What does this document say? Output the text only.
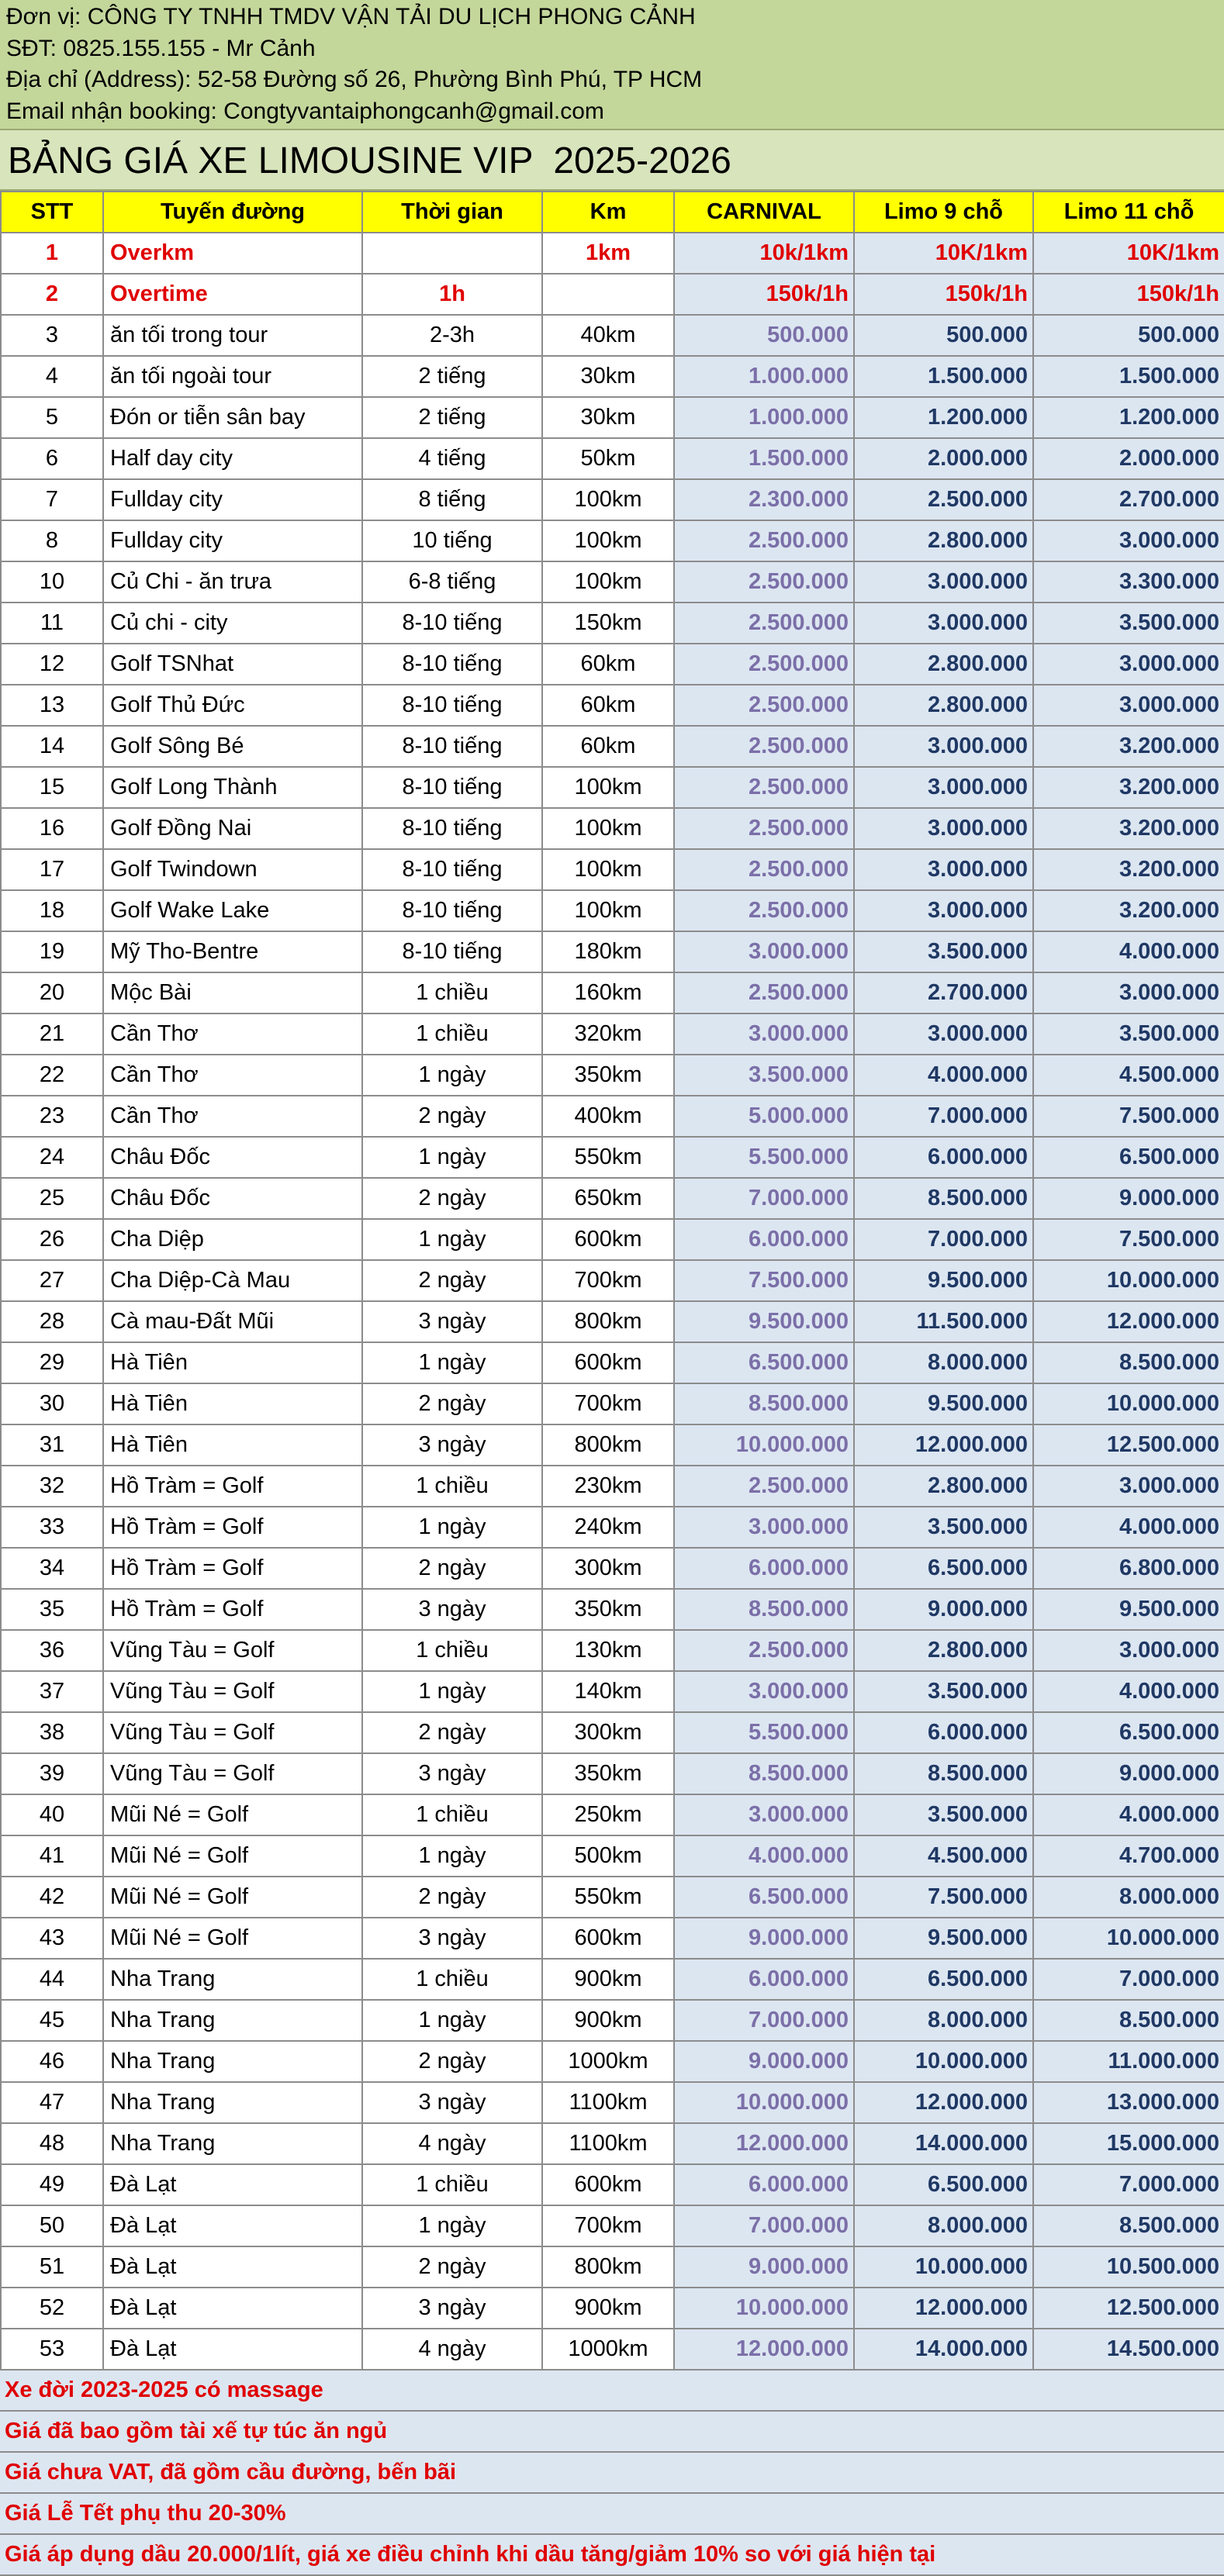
Đơn vị: CÔNG TY TNHH TMDV VẬN TẢI DU LỊCH PHONG CẢNH
SĐT: 0825.155.155 - Mr Cảnh
Địa chỉ (Address): 52-58 Đường số 26, Phường Bình Phú, TP HCM
Email nhận booking: Congtyvantaiphongcanh@gmail.com
BẢNG GIÁ XE LIMOUSINE VIP  2025-2026
STT	Tuyến đường	Thời gian	Km	CARNIVAL	Limo 9 chỗ	Limo 11 chỗ
1	Overkm		1km	10k/1km	10K/1km	10K/1km
2	Overtime	1h		150k/1h	150k/1h	150k/1h
3	ăn tối trong tour	2-3h	40km	500.000	500.000	500.000
4	ăn tối ngoài tour	2 tiếng	30km	1.000.000	1.500.000	1.500.000
5	Đón or tiễn sân bay	2 tiếng	30km	1.000.000	1.200.000	1.200.000
6	Half day city	4 tiếng	50km	1.500.000	2.000.000	2.000.000
7	Fullday city	8 tiếng	100km	2.300.000	2.500.000	2.700.000
8	Fullday city	10 tiếng	100km	2.500.000	2.800.000	3.000.000
10	Củ Chi - ăn trưa	6-8 tiếng	100km	2.500.000	3.000.000	3.300.000
11	Củ chi - city	8-10 tiếng	150km	2.500.000	3.000.000	3.500.000
12	Golf TSNhat	8-10 tiếng	60km	2.500.000	2.800.000	3.000.000
13	Golf Thủ Đức	8-10 tiếng	60km	2.500.000	2.800.000	3.000.000
14	Golf Sông Bé	8-10 tiếng	60km	2.500.000	3.000.000	3.200.000
15	Golf Long Thành	8-10 tiếng	100km	2.500.000	3.000.000	3.200.000
16	Golf Đồng Nai	8-10 tiếng	100km	2.500.000	3.000.000	3.200.000
17	Golf Twindown	8-10 tiếng	100km	2.500.000	3.000.000	3.200.000
18	Golf Wake Lake	8-10 tiếng	100km	2.500.000	3.000.000	3.200.000
19	Mỹ Tho-Bentre	8-10 tiếng	180km	3.000.000	3.500.000	4.000.000
20	Mộc Bài	1 chiều	160km	2.500.000	2.700.000	3.000.000
21	Cần Thơ	1 chiều	320km	3.000.000	3.000.000	3.500.000
22	Cần Thơ	1 ngày	350km	3.500.000	4.000.000	4.500.000
23	Cần Thơ	2 ngày	400km	5.000.000	7.000.000	7.500.000
24	Châu Đốc	1 ngày	550km	5.500.000	6.000.000	6.500.000
25	Châu Đốc	2 ngày	650km	7.000.000	8.500.000	9.000.000
26	Cha Diệp	1 ngày	600km	6.000.000	7.000.000	7.500.000
27	Cha Diệp-Cà Mau	2 ngày	700km	7.500.000	9.500.000	10.000.000
28	Cà mau-Đất Mũi	3 ngày	800km	9.500.000	11.500.000	12.000.000
29	Hà Tiên	1 ngày	600km	6.500.000	8.000.000	8.500.000
30	Hà Tiên	2 ngày	700km	8.500.000	9.500.000	10.000.000
31	Hà Tiên	3 ngày	800km	10.000.000	12.000.000	12.500.000
32	Hồ Tràm = Golf	1 chiều	230km	2.500.000	2.800.000	3.000.000
33	Hồ Tràm = Golf	1 ngày	240km	3.000.000	3.500.000	4.000.000
34	Hồ Tràm = Golf	2 ngày	300km	6.000.000	6.500.000	6.800.000
35	Hồ Tràm = Golf	3 ngày	350km	8.500.000	9.000.000	9.500.000
36	Vũng Tàu = Golf	1 chiều	130km	2.500.000	2.800.000	3.000.000
37	Vũng Tàu = Golf	1 ngày	140km	3.000.000	3.500.000	4.000.000
38	Vũng Tàu = Golf	2 ngày	300km	5.500.000	6.000.000	6.500.000
39	Vũng Tàu = Golf	3 ngày	350km	8.500.000	8.500.000	9.000.000
40	Mũi Né = Golf	1 chiều	250km	3.000.000	3.500.000	4.000.000
41	Mũi Né = Golf	1 ngày	500km	4.000.000	4.500.000	4.700.000
42	Mũi Né = Golf	2 ngày	550km	6.500.000	7.500.000	8.000.000
43	Mũi Né = Golf	3 ngày	600km	9.000.000	9.500.000	10.000.000
44	Nha Trang	1 chiều	900km	6.000.000	6.500.000	7.000.000
45	Nha Trang	1 ngày	900km	7.000.000	8.000.000	8.500.000
46	Nha Trang	2 ngày	1000km	9.000.000	10.000.000	11.000.000
47	Nha Trang	3 ngày	1100km	10.000.000	12.000.000	13.000.000
48	Nha Trang	4 ngày	1100km	12.000.000	14.000.000	15.000.000
49	Đà Lạt	1 chiều	600km	6.000.000	6.500.000	7.000.000
50	Đà Lạt	1 ngày	700km	7.000.000	8.000.000	8.500.000
51	Đà Lạt	2 ngày	800km	9.000.000	10.000.000	10.500.000
52	Đà Lạt	3 ngày	900km	10.000.000	12.000.000	12.500.000
53	Đà Lạt	4 ngày	1000km	12.000.000	14.000.000	14.500.000
Xe đời 2023-2025 có massage
Giá đã bao gồm tài xế tự túc ăn ngủ
Giá chưa VAT, đã gồm cầu đường, bến bãi
Giá Lễ Tết phụ thu 20-30%
Giá áp dụng dầu 20.000/1lít, giá xe điều chỉnh khi dầu tăng/giảm 10% so với giá hiện tại
